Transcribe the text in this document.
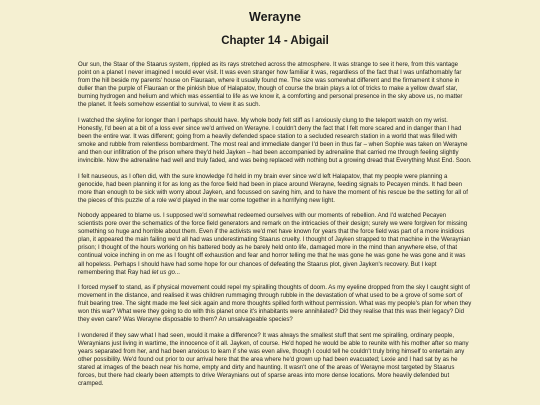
Werayne
Chapter 14 - Abigail

Our sun, the Staar of the Staarus system, rippled as its rays stretched across the atmosphere. It was strange to see it here, from this vantage point on a planet I never imagined I would ever visit. It was even stranger how familiar it was, regardless of the fact that I was unfathomably far from the hill beside my parents' house on Flauraan, where it usually found me. The size was somewhat different and the firmament it shone in duller than the purple of Flauraan or the pinkish blue of Halapatov, though of course the brain plays a lot of tricks to make a yellow dwarf star, burning hydrogen and helium and which was essential to life as we know it, a comforting and personal presence in the sky above us, no matter the planet. It feels somehow essential to survival, to view it as such.

I watched the skyline for longer than I perhaps should have. My whole body felt stiff as I anxiously clung to the teleport watch on my wrist. Honestly, I'd been at a bit of a loss ever since we'd arrived on Werayne. I couldn't deny the fact that I felt more scared and in danger than I had been the entire war. It was different; going from a heavily defended space station to a secluded research station in a world that was filled with smoke and rubble from relentless bombardment. The most real and immediate danger I'd been in thus far – when Sophie was taken on Werayne and then our infiltration of the prison where they'd held Jayken – had been accompanied by adrenaline that carried me through feeling slightly invincible. Now the adrenaline had well and truly faded, and was being replaced with nothing but a growing dread that Everything Must End. Soon.

I felt nauseous, as I often did, with the sure knowledge I'd held in my brain ever since we'd left Halapatov, that my people were planning a genocide, had been planning it for as long as the force field had been in place around Werayne, feeding signals to Pecayen minds. It had been more than enough to be sick with worry about Jayken, and focussed on saving him, and to have the moment of his rescue be the setting for all of the pieces of this puzzle of a role we'd played in the war come together in a horrifying new light.

Nobody appeared to blame us. I supposed we'd somewhat redeemed ourselves with our moments of rebellion. And I'd watched Pecayen scientists pore over the schematics of the force field generators and remark on the intricacies of their design; surely we were forgiven for missing something so huge and horrible about them. Even if the activists we'd met have known for years that the force field was part of a more insidious plan, it appeared the main failing we'd all had was underestimating Staarus cruelty. I thought of Jayken strapped to that machine in the Weraynian prison; I thought of the hours working on his battered body as he barely held onto life, damaged more in the mind than anywhere else, of that continual voice inching in on me as I fought off exhaustion and fear and horror telling me that he was gone he was gone he was gone and it was all hopeless. Perhaps I should have had some hope for our chances of defeating the Staarus plot, given Jayken's recovery. But I kept remembering that Ray had let us go...

I forced myself to stand, as if physical movement could repel my spiralling thoughts of doom. As my eyeline dropped from the sky I caught sight of movement in the distance, and realised it was children rummaging through rubble in the devastation of what used to be a grove of some sort of fruit bearing tree. The sight made me feel sick again and more thoughts spilled forth without permission. What was my people's plan for when they won this war? What were they going to do with this planet once it's inhabitants were annihilated? Did they realise that this was their legacy? Did they even care? Was Werayne disposable to them? An unsalvageable species?

I wondered if they saw what I had seen, would it make a difference? It was always the smallest stuff that sent me spiralling, ordinary people, Weraynians just living in wartime, the innocence of it all. Jayken, of course. He'd hoped he would be able to reunite with his mother after so many years separated from her, and had been anxious to learn if she was even alive, though I could tell he couldn't truly bring himself to entertain any other possibility. We'd found out prior to our arrival here that the area where he'd grown up had been evacuated; Lexie and I had sat by as he stared at images of the beach near his home, empty and dirty and haunting. It wasn't one of the areas of Werayne most targeted by Staarus forces, but there had clearly been attempts to drive Weraynians out of sparse areas into more dense locations. More heavily defended but cramped.
